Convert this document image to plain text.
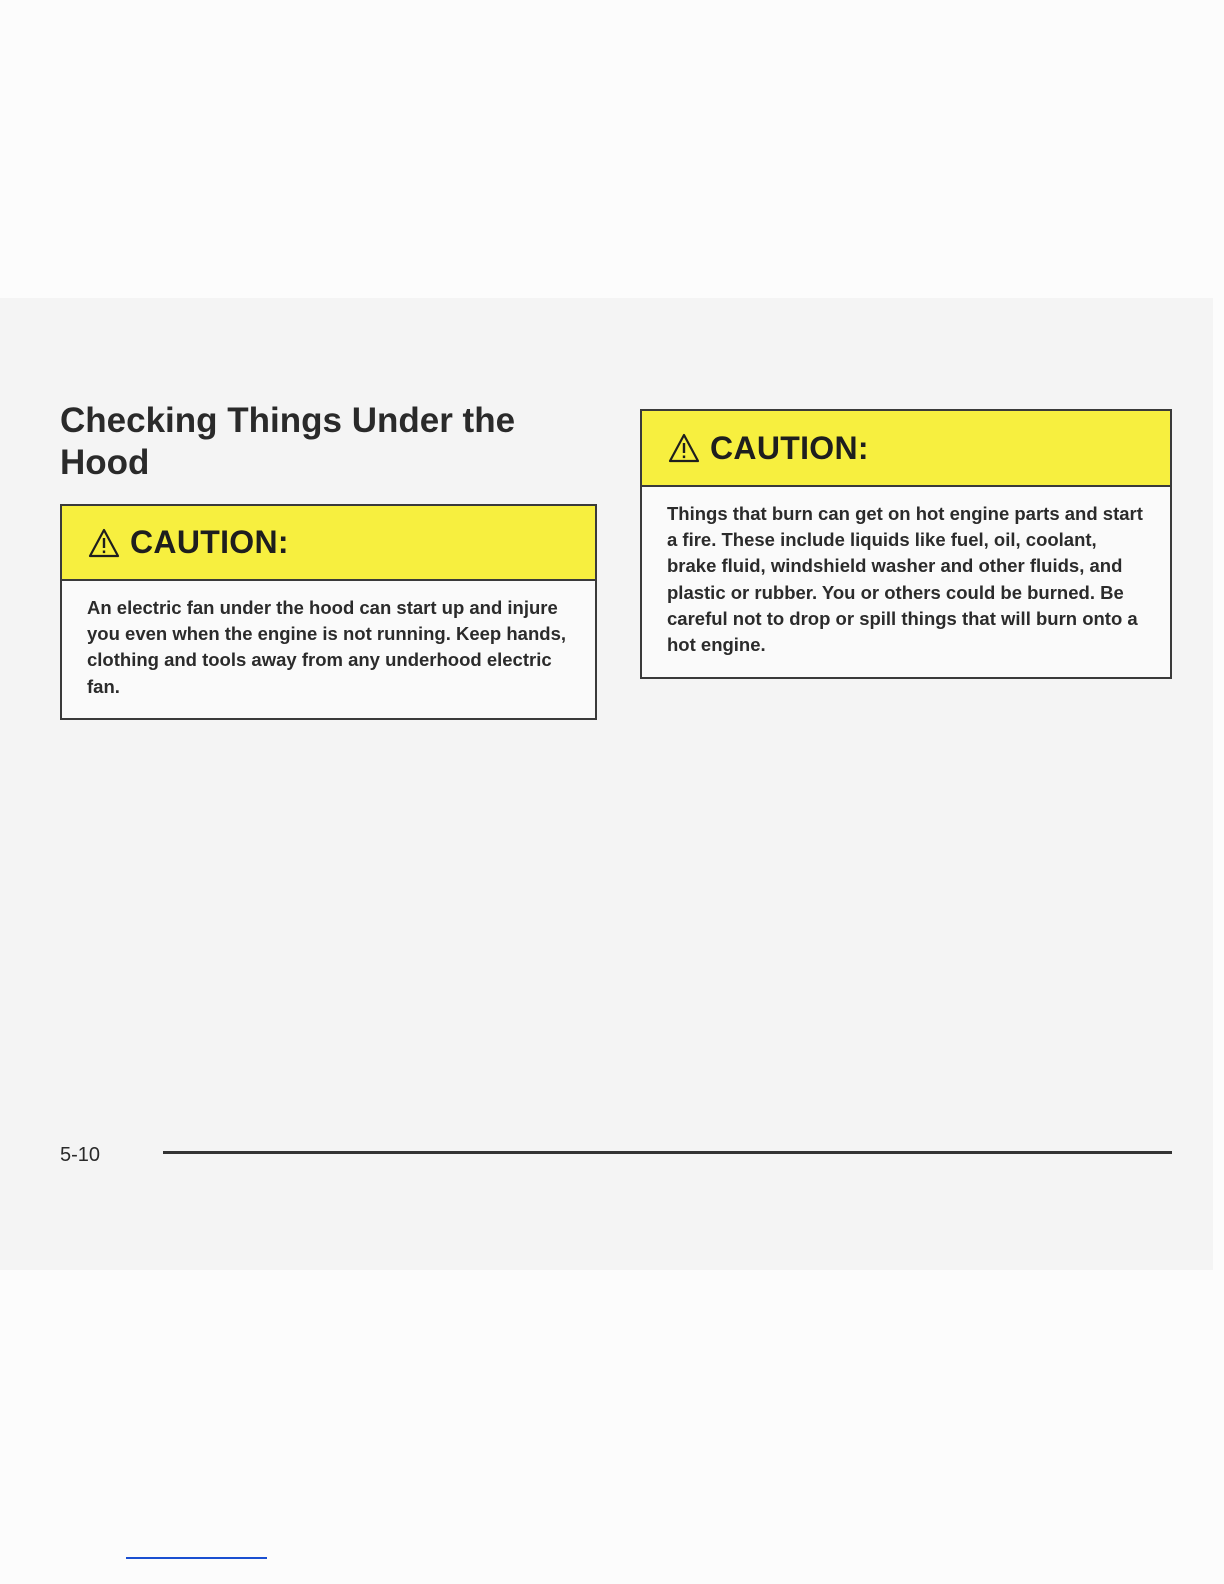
Checking Things Under the Hood
CAUTION:

An electric fan under the hood can start up and injure you even when the engine is not running. Keep hands, clothing and tools away from any underhood electric fan.

CAUTION:

Things that burn can get on hot engine parts and start a fire. These include liquids like fuel, oil, coolant, brake fluid, windshield washer and other fluids, and plastic or rubber. You or others could be burned. Be careful not to drop or spill things that will burn onto a hot engine.

5-10
